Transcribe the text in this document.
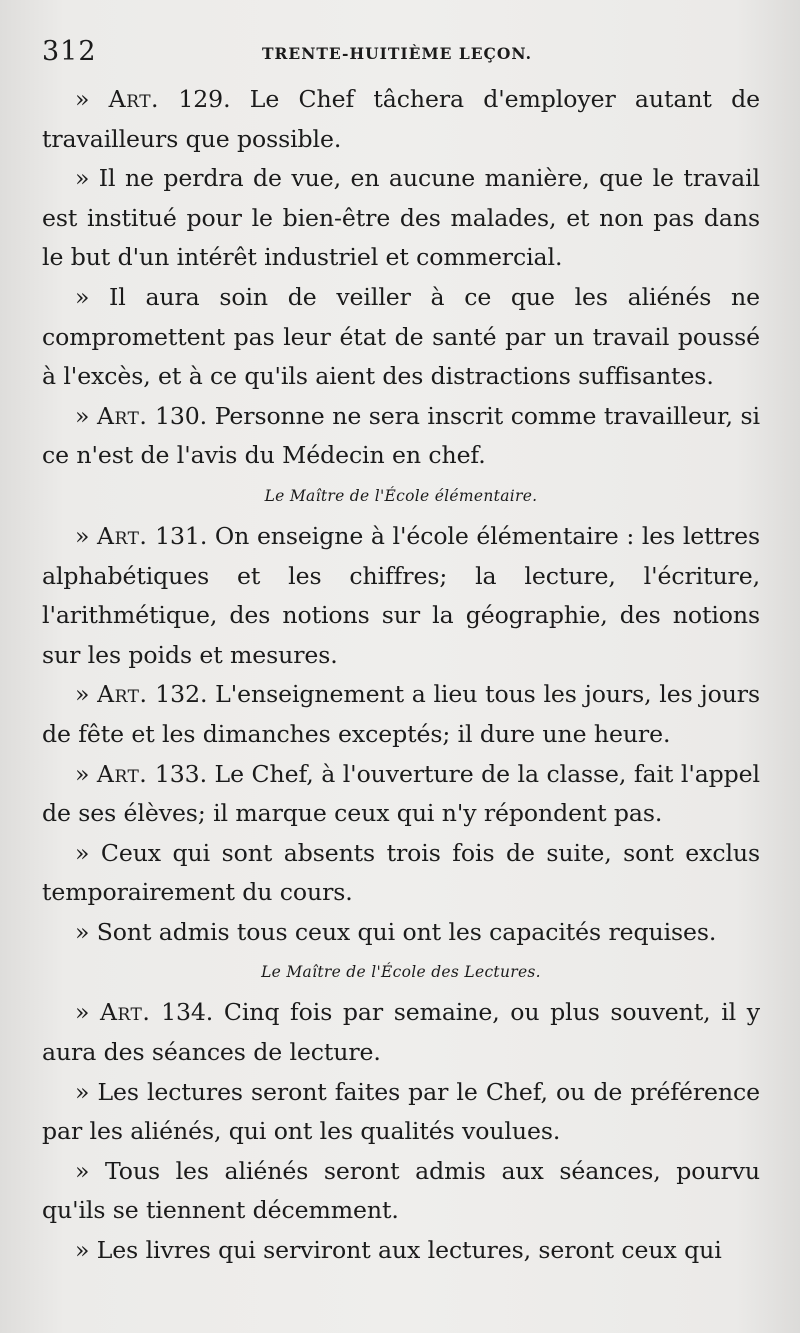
312	TRENTE-HUITIÈME LEÇON.

» Art. 129. Le Chef tâchera d'employer autant de travailleurs que possible.

» Il ne perdra de vue, en aucune manière, que le travail est institué pour le bien-être des malades, et non pas dans le but d'un intérêt industriel et commercial.

» Il aura soin de veiller à ce que les aliénés ne compromettent pas leur état de santé par un travail poussé à l'excès, et à ce qu'ils aient des distractions suffisantes.

» Art. 130. Personne ne sera inscrit comme travailleur, si ce n'est de l'avis du Médecin en chef.

Le Maître de l'École élémentaire.

» Art. 131. On enseigne à l'école élémentaire : les lettres alphabétiques et les chiffres; la lecture, l'écriture, l'arithmétique, des notions sur la géographie, des notions sur les poids et mesures.

» Art. 132. L'enseignement a lieu tous les jours, les jours de fête et les dimanches exceptés; il dure une heure.

» Art. 133. Le Chef, à l'ouverture de la classe, fait l'appel de ses élèves; il marque ceux qui n'y répondent pas.

» Ceux qui sont absents trois fois de suite, sont exclus temporairement du cours.

» Sont admis tous ceux qui ont les capacités requises.

Le Maître de l'École des Lectures.

» Art. 134. Cinq fois par semaine, ou plus souvent, il y aura des séances de lecture.

» Les lectures seront faites par le Chef, ou de préférence par les aliénés, qui ont les qualités voulues.

» Tous les aliénés seront admis aux séances, pourvu qu'ils se tiennent décemment.

» Les livres qui serviront aux lectures, seront ceux qui
